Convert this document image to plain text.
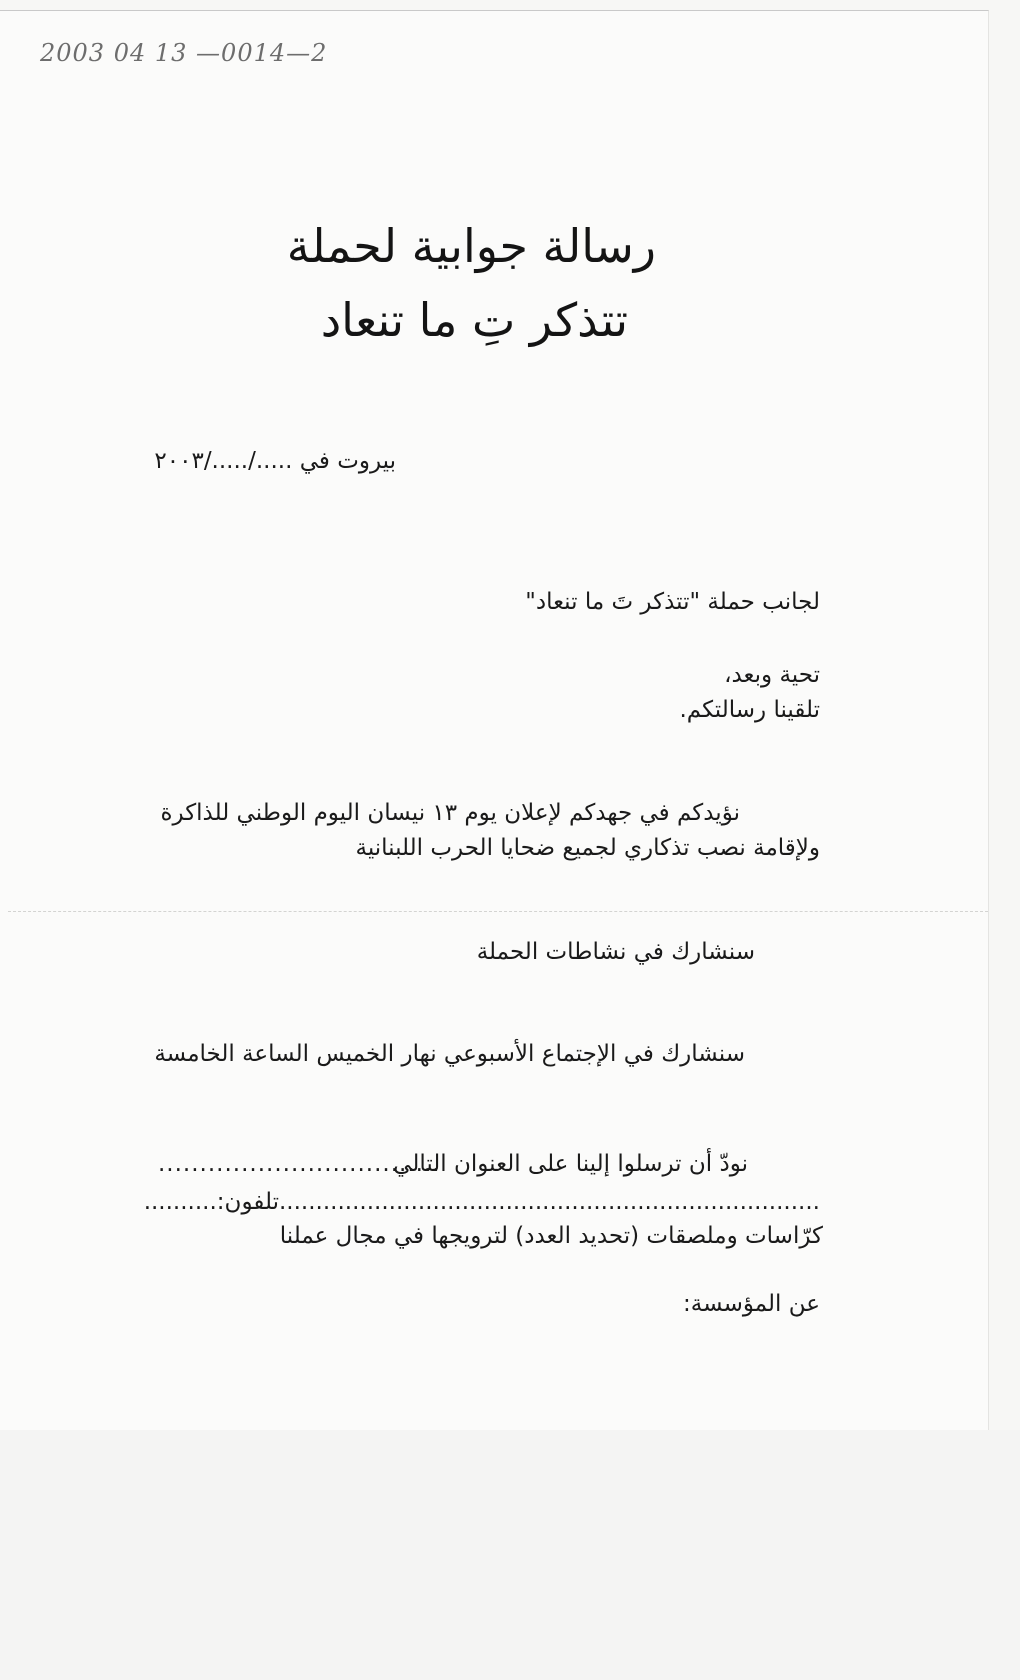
2003 04 13 —0014—2
رسالة جوابية لحملة
تتذكر تِ ما تنعاد
بيروت في ...../...../٢٠٠٣
لجانب حملة "تتذكر تَ ما تنعاد"
تحية وبعد،
تلقينا رسالتكم.
نؤيدكم في جهدكم لإعلان يوم ١٣ نيسان اليوم الوطني للذاكرة
ولإقامة نصب تذكاري لجميع ضحايا الحرب اللبنانية
سنشارك في نشاطات الحملة
سنشارك في الإجتماع الأسبوعي نهار الخميس الساعة الخامسة
نودّ أن ترسلوا إلينا على العنوان التالي
..................................
..........................................................................تلفون:..........
كرّاسات وملصقات (تحديد العدد) لترويجها في مجال عملنا
عن المؤسسة:
